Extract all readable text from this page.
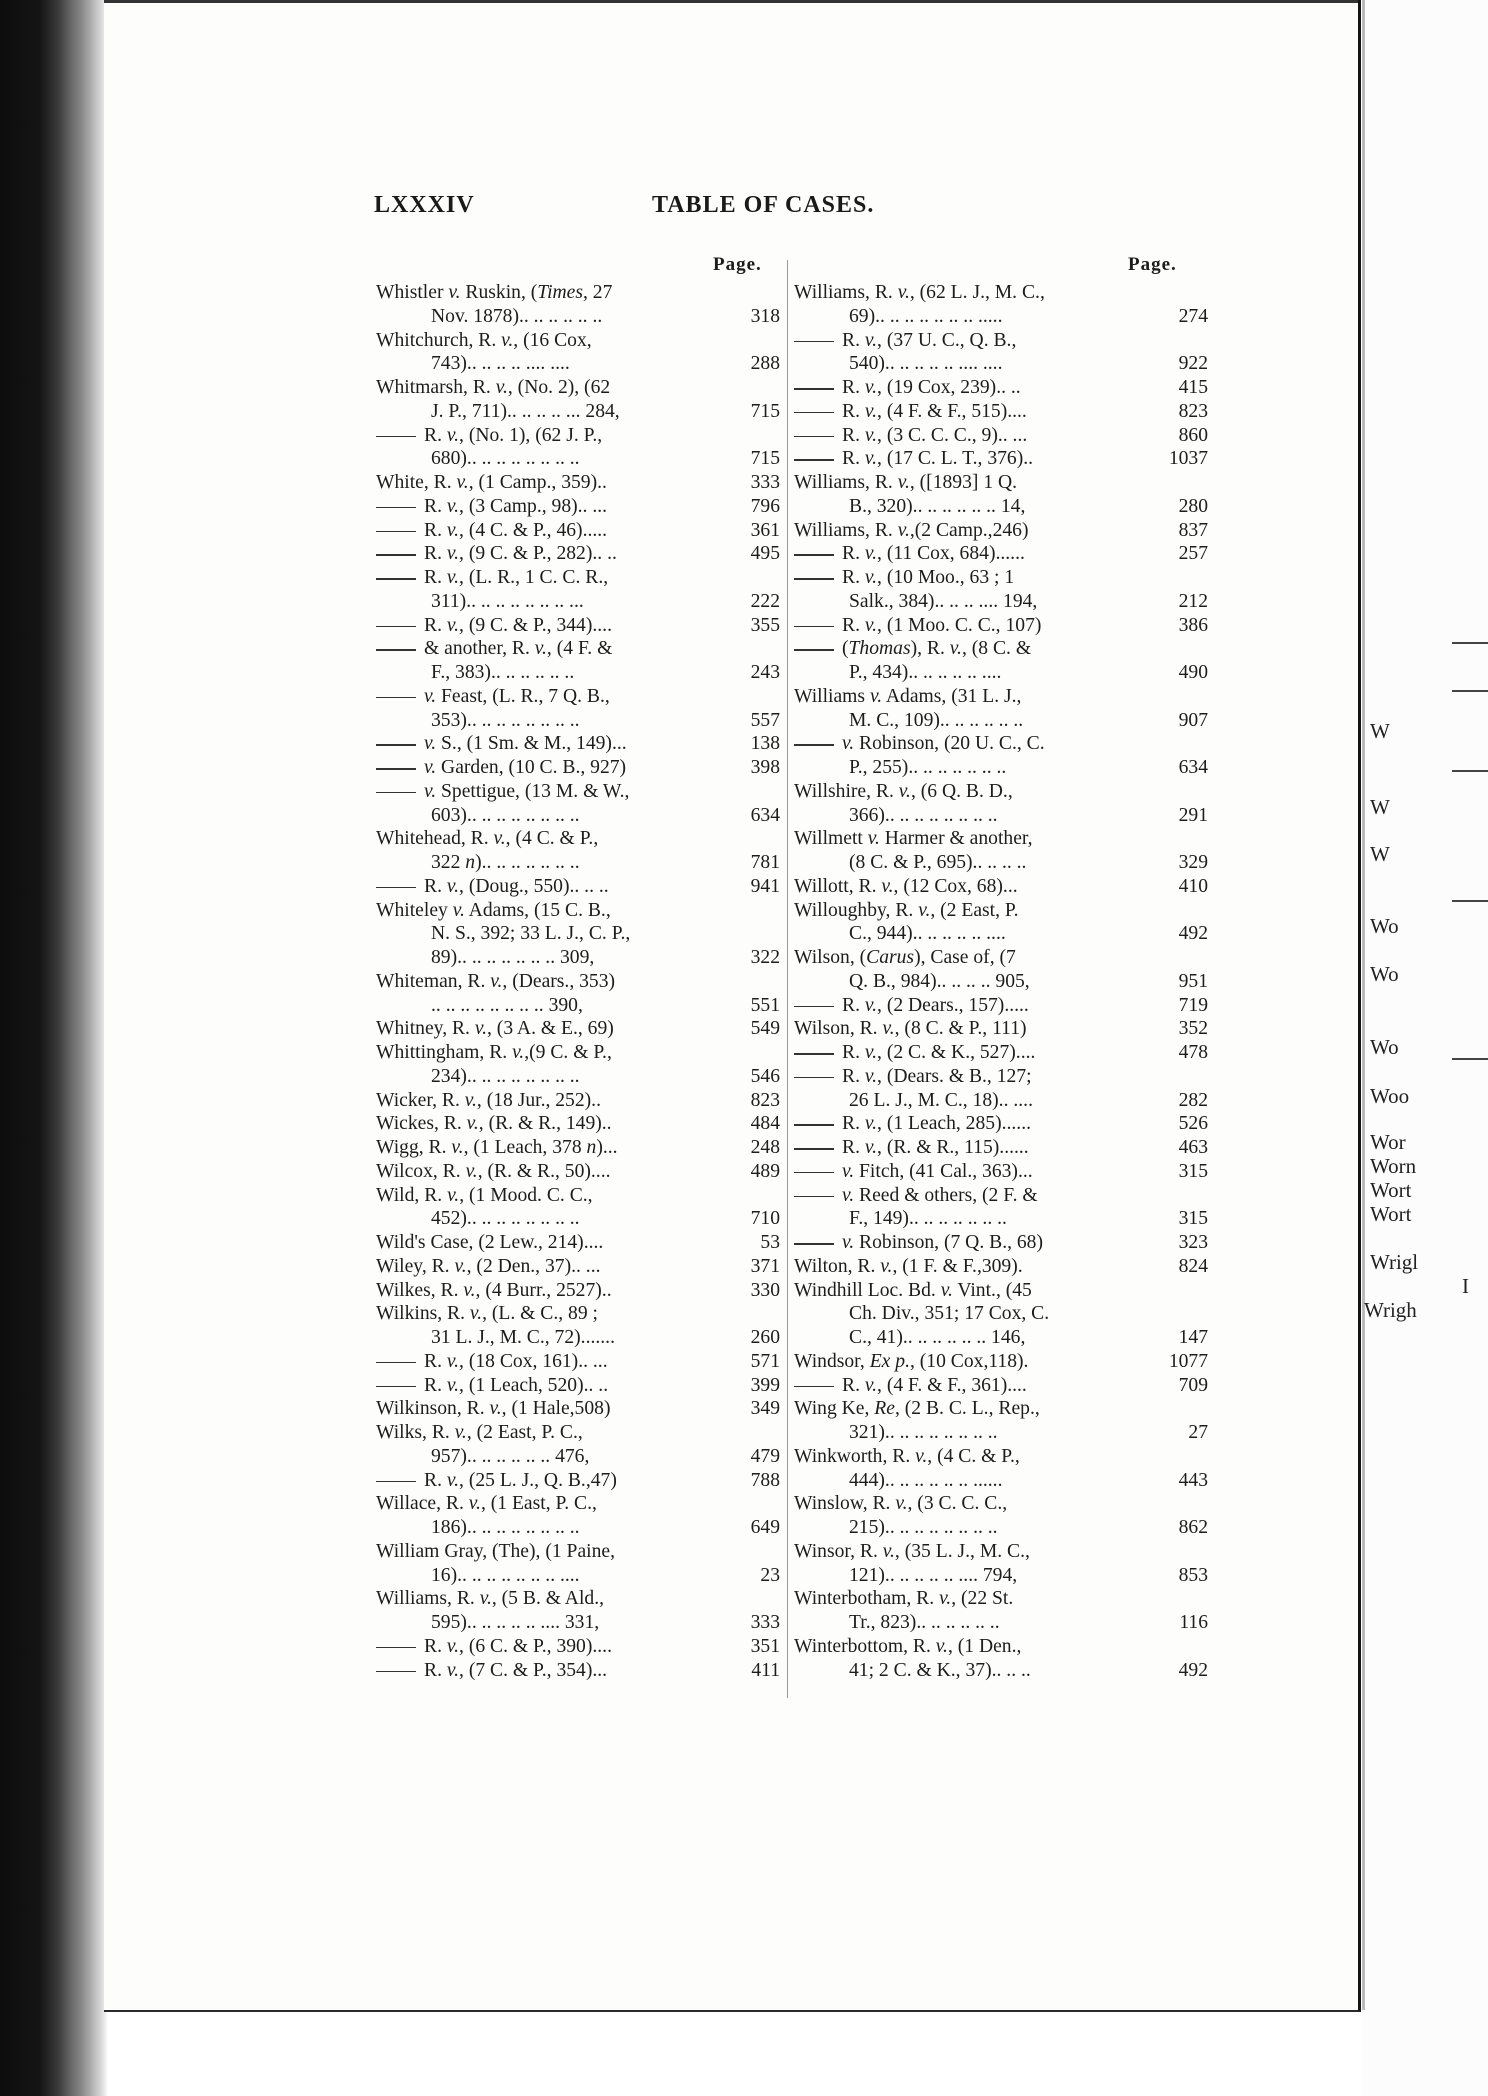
LXXXIV	TABLE OF CASES.
Page.	Page.
Whistler v. Ruskin, (Times, 27
Nov. 1878).. .. .. .. .. ..	318
Whitchurch, R. v., (16 Cox,
743).. .. .. .. .... ....	288
Whitmarsh, R. v., (No. 2), (62
J. P., 711).. .. .. .. ... 284,	715
R. v., (No. 1), (62 J. P.,
680).. .. .. .. .. .. .. ..	715
White, R. v., (1 Camp., 359)..	333
R. v., (3 Camp., 98).. ...	796
R. v., (4 C. & P., 46).....	361
R. v., (9 C. & P., 282).. ..	495
R. v., (L. R., 1 C. C. R.,
311).. .. .. .. .. .. .. ...	222
R. v., (9 C. & P., 344)....	355
& another, R. v., (4 F. &
F., 383).. .. .. .. .. ..	243
v. Feast, (L. R., 7 Q. B.,
353).. .. .. .. .. .. .. ..	557
v. S., (1 Sm. & M., 149)...	138
v. Garden, (10 C. B., 927)	398
v. Spettigue, (13 M. & W.,
603).. .. .. .. .. .. .. ..	634
Whitehead, R. v., (4 C. & P.,
322 n).. .. .. .. .. .. ..	781
R. v., (Doug., 550).. .. ..	941
Whiteley v. Adams, (15 C. B.,
N. S., 392; 33 L. J., C. P.,
89).. .. .. .. .. .. .. 309,	322
Whiteman, R. v., (Dears., 353)
.. .. .. .. .. .. .. .. 390,	551
Whitney, R. v., (3 A. & E., 69)	549
Whittingham, R. v.,(9 C. & P.,
234).. .. .. .. .. .. .. ..	546
Wicker, R. v., (18 Jur., 252)..	823
Wickes, R. v., (R. & R., 149)..	484
Wigg, R. v., (1 Leach, 378 n)...	248
Wilcox, R. v., (R. & R., 50)....	489
Wild, R. v., (1 Mood. C. C.,
452).. .. .. .. .. .. .. ..	710
Wild's Case, (2 Lew., 214)....	53
Wiley, R. v., (2 Den., 37).. ...	371
Wilkes, R. v., (4 Burr., 2527)..	330
Wilkins, R. v., (L. & C., 89 ;
31 L. J., M. C., 72).......	260
R. v., (18 Cox, 161).. ...	571
R. v., (1 Leach, 520).. ..	399
Wilkinson, R. v., (1 Hale,508)	349
Wilks, R. v., (2 East, P. C.,
957).. .. .. .. .. .. 476,	479
R. v., (25 L. J., Q. B.,47)	788
Willace, R. v., (1 East, P. C.,
186).. .. .. .. .. .. .. ..	649
William Gray, (The), (1 Paine,
16).. .. .. .. .. .. .. ....	23
Williams, R. v., (5 B. & Ald.,
595).. .. .. .. .. .... 331,	333
R. v., (6 C. & P., 390)....	351
R. v., (7 C. & P., 354)...	411
Williams, R. v., (62 L. J., M. C.,
69).. .. .. .. .. .. .. .....	274
R. v., (37 U. C., Q. B.,
540).. .. .. .. .. .... ....	922
R. v., (19 Cox, 239).. ..	415
R. v., (4 F. & F., 515)....	823
R. v., (3 C. C. C., 9).. ...	860
R. v., (17 C. L. T., 376)..	1037
Williams, R. v., ([1893] 1 Q.
B., 320).. .. .. .. .. .. 14,	280
Williams, R. v.,(2 Camp.,246)	837
R. v., (11 Cox, 684)......	257
R. v., (10 Moo., 63 ; 1
Salk., 384).. .. .. .... 194,	212
R. v., (1 Moo. C. C., 107)	386
(Thomas), R. v., (8 C. &
P., 434).. .. .. .. .. ....	490
Williams v. Adams, (31 L. J.,
M. C., 109).. .. .. .. .. ..	907
v. Robinson, (20 U. C., C.
P., 255).. .. .. .. .. .. ..	634
Willshire, R. v., (6 Q. B. D.,
366).. .. .. .. .. .. .. ..	291
Willmett v. Harmer & another,
(8 C. & P., 695).. .. .. ..	329
Willott, R. v., (12 Cox, 68)...	410
Willoughby, R. v., (2 East, P.
C., 944).. .. .. .. .. ....	492
Wilson, (Carus), Case of, (7
Q. B., 984).. .. .. .. 905,	951
R. v., (2 Dears., 157).....	719
Wilson, R. v., (8 C. & P., 111)	352
R. v., (2 C. & K., 527)....	478
R. v., (Dears. & B., 127;
26 L. J., M. C., 18).. ....	282
R. v., (1 Leach, 285)......	526
R. v., (R. & R., 115)......	463
v. Fitch, (41 Cal., 363)...	315
v. Reed & others, (2 F. &
F., 149).. .. .. .. .. .. ..	315
v. Robinson, (7 Q. B., 68)	323
Wilton, R. v., (1 F. & F.,309).	824
Windhill Loc. Bd. v. Vint., (45
Ch. Div., 351; 17 Cox, C.
C., 41).. .. .. .. .. .. 146,	147
Windsor, Ex p., (10 Cox,118).	1077
R. v., (4 F. & F., 361)....	709
Wing Ke, Re, (2 B. C. L., Rep.,
321).. .. .. .. .. .. .. ..	27
Winkworth, R. v., (4 C. & P.,
444).. .. .. .. .. .. ......	443
Winslow, R. v., (3 C. C. C.,
215).. .. .. .. .. .. .. ..	862
Winsor, R. v., (35 L. J., M. C.,
121).. .. .. .. .. .... 794,	853
Winterbotham, R. v., (22 St.
Tr., 823).. .. .. .. .. ..	116
Winterbottom, R. v., (1 Den.,
41; 2 C. & K., 37).. .. ..	492
W
W
W
Wo
Wo
Wo
Woo
Wor
Worn
Wort
Wort
Wrigl
I
Wrigh
